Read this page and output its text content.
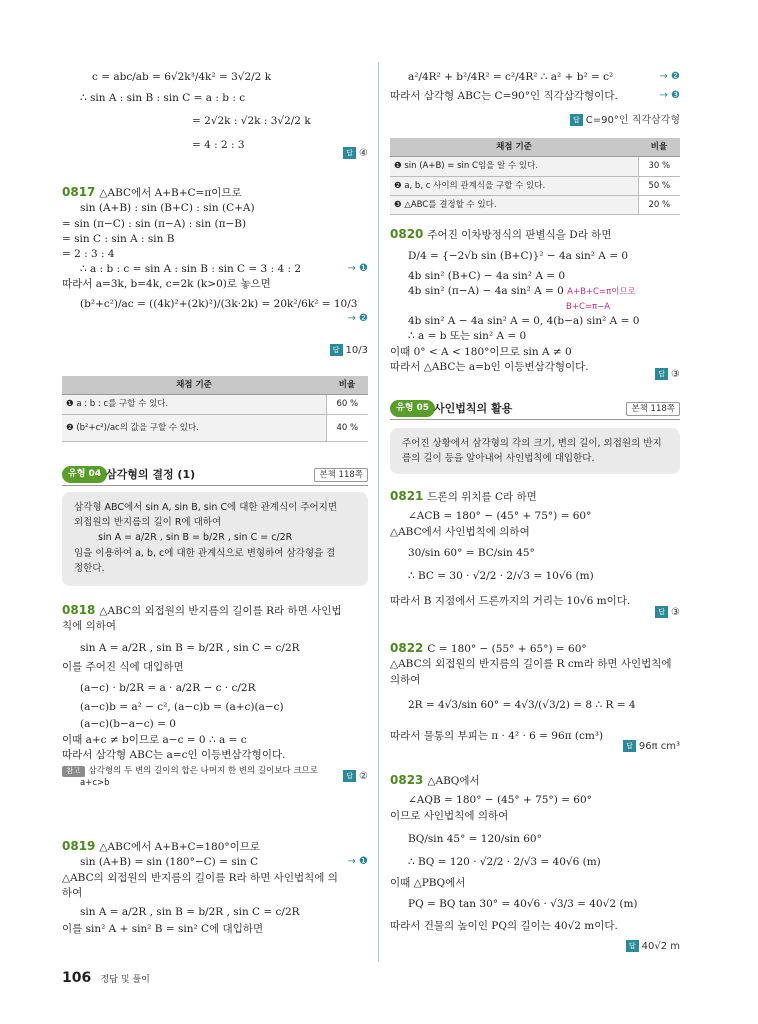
c = abc/ab = 6√2k³/4k² = 3√2/2 k
∴ sin A : sin B : sin C = a : b : c
= 2√2k : √2k : 3√2/2 k
= 4 : 2 : 3
답 ④
0817 △ABC에서 A+B+C=π이므로
sin (A+B) : sin (B+C) : sin (C+A)
= sin (π−C) : sin (π−A) : sin (π−B)
= sin C : sin A : sin B
= 2 : 3 : 4
∴ a : b : c = sin A : sin B : sin C = 3 : 4 : 2	→ ❶
따라서 a=3k, b=4k, c=2k (k>0)로 놓으면
(b²+c²)/ac = ((4k)²+(2k)²)/(3k·2k) = 20k²/6k² = 10/3
→ ❷
답 10/3
채점 기준	비율
❶ a : b : c를 구할 수 있다.	60 %
❷ (b²+c²)/ac의 값을 구할 수 있다.	40 %
유형 04 삼각형의 결정 (1)	본책 118쪽
삼각형 ABC에서 sin A, sin B, sin C에 대한 관계식이 주어지면
외접원의 반지름의 길이 R에 대하여
sin A = a/2R , sin B = b/2R , sin C = c/2R
임을 이용하여 a, b, c에 대한 관계식으로 변형하여 삼각형을 결
정한다.
0818 △ABC의 외접원의 반지름의 길이를 R라 하면 사인법
칙에 의하여
sin A = a/2R , sin B = b/2R , sin C = c/2R
이를 주어진 식에 대입하면
(a−c) · b/2R = a · a/2R − c · c/2R
(a−c)b = a² − c², (a−c)b = (a+c)(a−c)
(a−c)(b−a−c) = 0
이때 a+c ≠ b이므로 a−c = 0 ∴ a = c
따라서 삼각형 ABC는 a=c인 이등변삼각형이다.
답 ②
참고 삼각형의 두 변의 길이의 합은 나머지 한 변의 길이보다 크므로
a+c>b
0819 △ABC에서 A+B+C=180°이므로
sin (A+B) = sin (180°−C) = sin C	→ ❶
△ABC의 외접원의 반지름의 길이를 R라 하면 사인법칙에 의
하여
sin A = a/2R , sin B = b/2R , sin C = c/2R
이를 sin² A + sin² B = sin² C에 대입하면
a²/4R² + b²/4R² = c²/4R² ∴ a² + b² = c²	→ ❷
따라서 삼각형 ABC는 C=90°인 직각삼각형이다.	→ ❸
답 C=90°인 직각삼각형
채점 기준	비율
❶ sin (A+B) = sin C임을 알 수 있다.	30 %
❷ a, b, c 사이의 관계식을 구할 수 있다.	50 %
❸ △ABC를 결정할 수 있다.	20 %
0820 주어진 이차방정식의 판별식을 D라 하면
D/4 = {−2√b sin (B+C)}² − 4a sin² A = 0
4b sin² (B+C) − 4a sin² A = 0
4b sin² (π−A) − 4a sin² A = 0 A+B+C=π이므로
B+C=π−A
4b sin² A − 4a sin² A = 0, 4(b−a) sin² A = 0
∴ a = b 또는 sin² A = 0
이때 0° < A < 180°이므로 sin A ≠ 0
따라서 △ABC는 a=b인 이등변삼각형이다.
답 ③
유형 05 사인법칙의 활용	본책 118쪽
주어진 상황에서 삼각형의 각의 크기, 변의 길이, 외접원의 반지
름의 길이 등을 알아내어 사인법칙에 대입한다.
0821 드론의 위치를 C라 하면
∠ACB = 180° − (45° + 75°) = 60°
△ABC에서 사인법칙에 의하여
30/sin 60° = BC/sin 45°
∴ BC = 30 · √2/2 · 2/√3 = 10√6 (m)
따라서 B 지점에서 드론까지의 거리는 10√6 m이다.
답 ③
0822 C = 180° − (55° + 65°) = 60°
△ABC의 외접원의 반지름의 길이를 R cm라 하면 사인법칙에
의하여
2R = 4√3/sin 60° = 4√3/(√3/2) = 8 ∴ R = 4
따라서 물통의 부피는 π · 4² · 6 = 96π (cm³)
답 96π cm³
0823 △ABQ에서
∠AQB = 180° − (45° + 75°) = 60°
이므로 사인법칙에 의하여
BQ/sin 45° = 120/sin 60°
∴ BQ = 120 · √2/2 · 2/√3 = 40√6 (m)
이때 △PBQ에서
PQ = BQ tan 30° = 40√6 · √3/3 = 40√2 (m)
따라서 건물의 높이인 PQ의 길이는 40√2 m이다.
답 40√2 m
106 정답 및 풀이
